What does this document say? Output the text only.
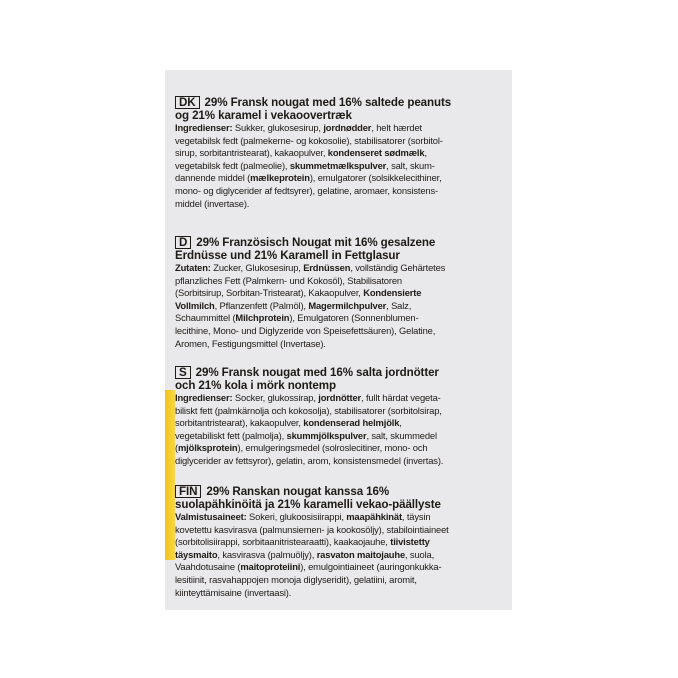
DK 29% Fransk nougat med 16% saltede peanuts
og 21% karamel i vekaoovertræk
Ingredienser: Sukker, glukosesirup, jordnødder, helt hærdet
vegetabilsk fedt (palmekerne- og kokosolie), stabilisatorer (sorbitol-
sirup, sorbitantristearat), kakaopulver, kondenseret sødmælk,
vegetabilsk fedt (palmeolie), skummetmælkspulver, salt, skum-
dannende middel (mælkeprotein), emulgatorer (solsikkelecithiner,
mono- og diglycerider af fedtsyrer), gelatine, aromaer, konsistens-
middel (invertase).
D 29% Französisch Nougat mit 16% gesalzene
Erdnüsse und 21% Karamell in Fettglasur
Zutaten: Zucker, Glukosesirup, Erdnüssen, vollständig Gehärtetes
pflanzliches Fett (Palmkern- und Kokosöl), Stabilisatoren
(Sorbitsirup, Sorbitan-Tristearat), Kakaopulver, Kondensierte
Vollmilch, Pflanzenfett (Palmöl), Magermilchpulver, Salz,
Schaummittel (Milchprotein), Emulgatoren (Sonnenblumen-
lecithine, Mono- und Diglyzeride von Speisefettsäuren), Gelatine,
Aromen, Festigungsmittel (Invertase).
S 29% Fransk nougat med 16% salta jordnötter
och 21% kola i mörk nontemp
Ingredienser: Socker, glukossirap, jordnötter, fullt härdat vegeta-
biliskt fett (palmkärnolja och kokosolja), stabilisatorer (sorbitolsirap,
sorbitantristearat), kakaopulver, kondenserad helmjölk,
vegetabiliskt fett (palmolja), skummjölkspulver, salt, skummedel
(mjölksprotein), emulgeringsmedel (solroslecitiner, mono- och
diglycerider av fettsyror), gelatin, arom, konsistensmedel (invertas).
FIN 29% Ranskan nougat kanssa 16%
suolapähkinöitä ja 21% karamelli vekao-päällyste
Valmistusaineet: Sokeri, glukoosisiirappi, maapähkinät, täysin
kovetettu kasvirasva (palmunsiemen- ja kookosöljy), stabilointiaineet
(sorbitolisiirappi, sorbitaanitristearaatti), kaakaojauhe, tiivistetty
täysmaito, kasvirasva (palmuöljy), rasvaton maitojauhe, suola,
Vaahdotusaine (maitoproteiini), emulgointiaineet (auringonkukka-
lesitiinit, rasvahappojen monoja diglyseridit), gelatiini, aromit,
kiinteyttämisaine (invertaasi).
